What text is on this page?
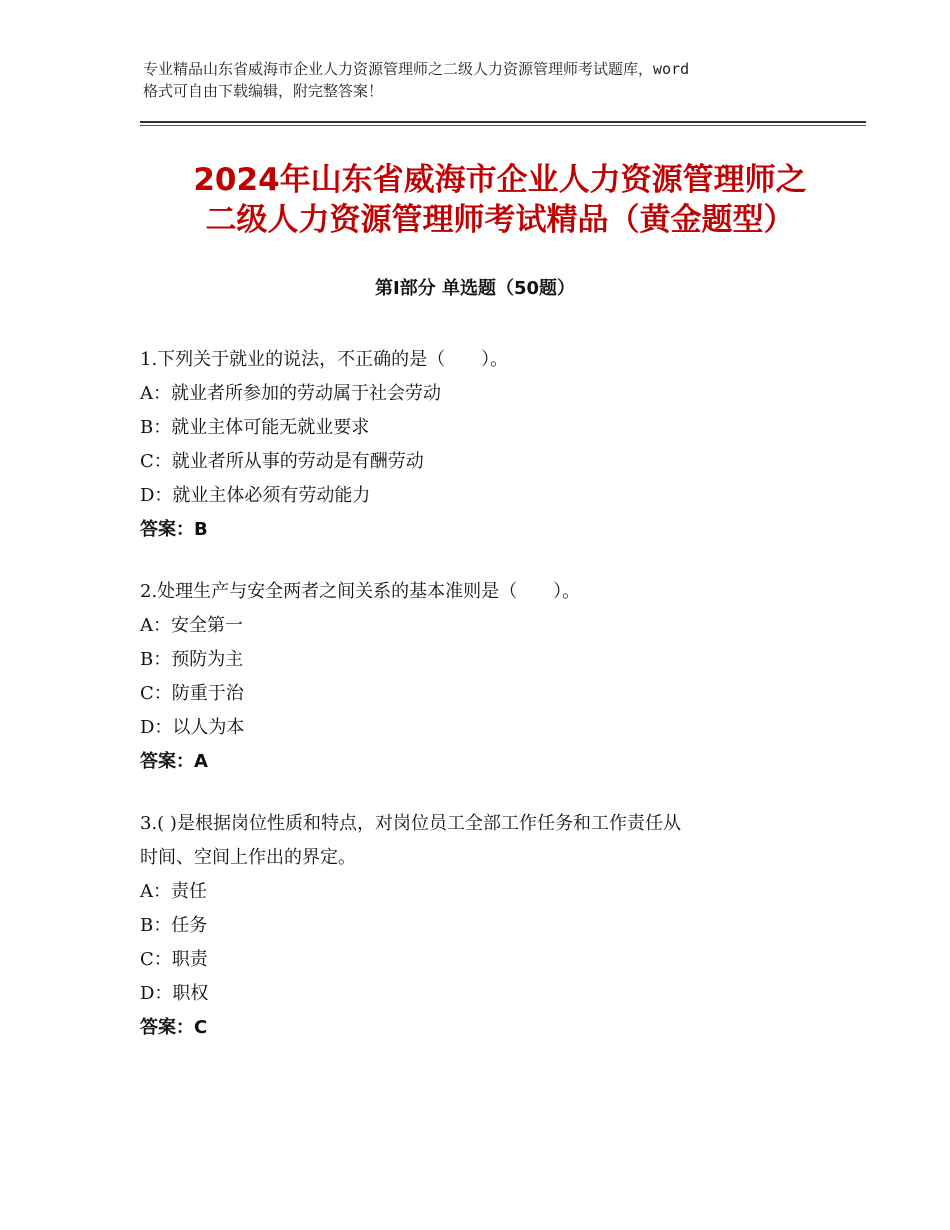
专业精品山东省威海市企业人力资源管理师之二级人力资源管理师考试题库，word
格式可自由下载编辑，附完整答案！
2024年山东省威海市企业人力资源管理师之
二级人力资源管理师考试精品（黄金题型）
第Ⅰ部分 单选题（50题）
1.下列关于就业的说法，不正确的是（　　）。
A：就业者所参加的劳动属于社会劳动
B：就业主体可能无就业要求
C：就业者所从事的劳动是有酬劳动
D：就业主体必须有劳动能力
答案：B
2.处理生产与安全两者之间关系的基本准则是（　　）。
A：安全第一
B：预防为主
C：防重于治
D：以人为本
答案：A
3.( )是根据岗位性质和特点，对岗位员工全部工作任务和工作责任从
时间、空间上作出的界定。
A：责任
B：任务
C：职责
D：职权
答案：C
